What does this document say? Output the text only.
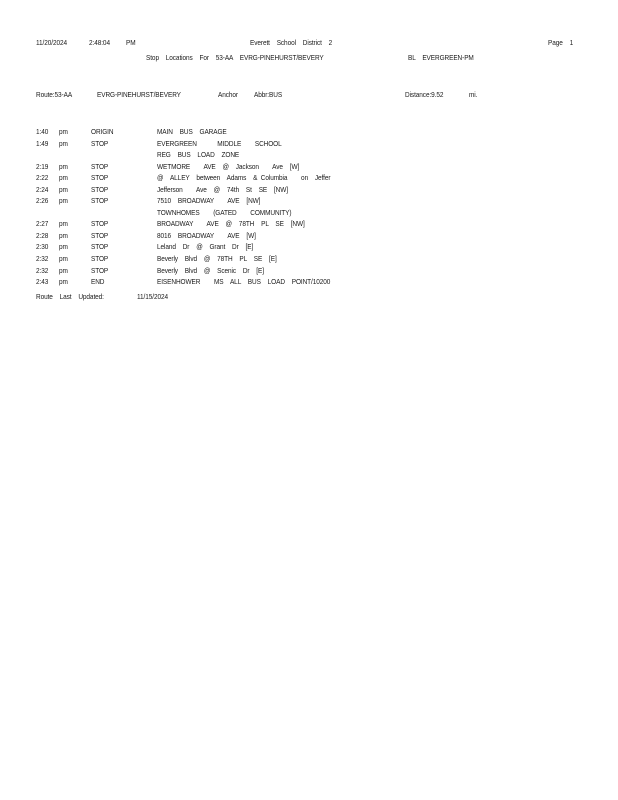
11/20/2024	2:48:04 PM	Everett    School    District    2	Page    1
Stop    Locations    For    53-AA    EVRG-PINEHURST/BEVERY	BL    EVERGREEN-PM
Route:53-AA	EVRG-PINEHURST/BEVERY	Anchor Abbr:BUS	Distance:9.52	mi.
1:40 pm	ORIGIN	MAIN    BUS    GARAGE
1:49 pm	STOP	EVERGREEN            MIDDLE        SCHOOL
REG    BUS    LOAD    ZONE
2:19 pm	STOP	WETMORE        AVE    @    Jackson        Ave    [W]
2:22 pm	STOP	@    ALLEY    between    Adams    &  Columbia        on    Jeffer
2:24 pm	STOP	Jefferson        Ave    @    74th    St    SE    [NW]
2:26 pm	STOP	7510    BROADWAY        AVE    [NW]
TOWNHOMES        (GATED        COMMUNITY)
2:27 pm	STOP	BROADWAY        AVE    @    78TH    PL    SE    [NW]
2:28 pm	STOP	8016    BROADWAY        AVE    [W]
2:30 pm	STOP	Leland    Dr    @    Grant    Dr    [E]
2:32 pm	STOP	Beverly    Blvd    @    78TH    PL    SE    [E]
2:32 pm	STOP	Beverly    Blvd    @    Scenic    Dr    [E]
2:43 pm	END	EISENHOWER        MS    ALL    BUS    LOAD    POINT/10200
Route    Last    Updated:	11/15/2024
